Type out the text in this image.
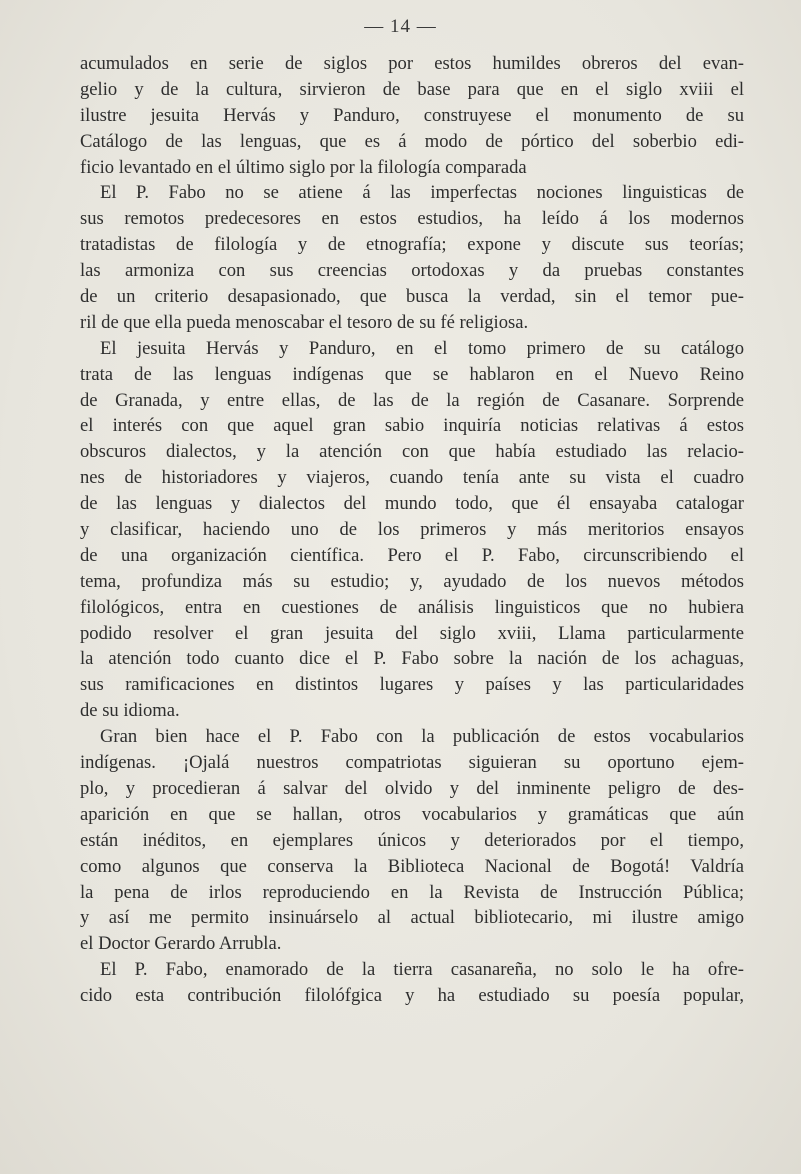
— 14 —
acumulados en serie de siglos por estos humildes obreros del evan-
gelio y de la cultura, sirvieron de base para que en el siglo xviii el
ilustre jesuita Hervás y Panduro, construyese el monumento de su
Catálogo de las lenguas, que es á modo de pórtico del soberbio edi-
ficio levantado en el último siglo por la filología comparada
El P. Fabo no se atiene á las imperfectas nociones linguisticas de
sus remotos predecesores en estos estudios, ha leído á los modernos
tratadistas de filología y de etnografía; expone y discute sus teorías;
las armoniza con sus creencias ortodoxas y da pruebas constantes
de un criterio desapasionado, que busca la verdad, sin el temor pue-
ril de que ella pueda menoscabar el tesoro de su fé religiosa.
El jesuita Hervás y Panduro, en el tomo primero de su catálogo
trata de las lenguas indígenas que se hablaron en el Nuevo Reino
de Granada, y entre ellas, de las de la región de Casanare. Sorprende
el interés con que aquel gran sabio inquiría noticias relativas á estos
obscuros dialectos, y la atención con que había estudiado las relacio-
nes de historiadores y viajeros, cuando tenía ante su vista el cuadro
de las lenguas y dialectos del mundo todo, que él ensayaba catalogar
y clasificar, haciendo uno de los primeros y más meritorios ensayos
de una organización científica. Pero el P. Fabo, circunscribiendo el
tema, profundiza más su estudio; y, ayudado de los nuevos métodos
filológicos, entra en cuestiones de análisis linguisticos que no hubiera
podido resolver el gran jesuita del siglo xviii, Llama particularmente
la atención todo cuanto dice el P. Fabo sobre la nación de los achaguas,
sus ramificaciones en distintos lugares y países y las particularidades
de su idioma.
Gran bien hace el P. Fabo con la publicación de estos vocabularios
indígenas. ¡Ojalá nuestros compatriotas siguieran su oportuno ejem-
plo, y procedieran á salvar del olvido y del inminente peligro de des-
aparición en que se hallan, otros vocabularios y gramáticas que aún
están inéditos, en ejemplares únicos y deteriorados por el tiempo,
como algunos que conserva la Biblioteca Nacional de Bogotá! Valdría
la pena de irlos reproduciendo en la Revista de Instrucción Pública;
y así me permito insinuárselo al actual bibliotecario, mi ilustre amigo
el Doctor Gerardo Arrubla.
El P. Fabo, enamorado de la tierra casanareña, no solo le ha ofre-
cido esta contribución filolófgica y ha estudiado su poesía popular,
